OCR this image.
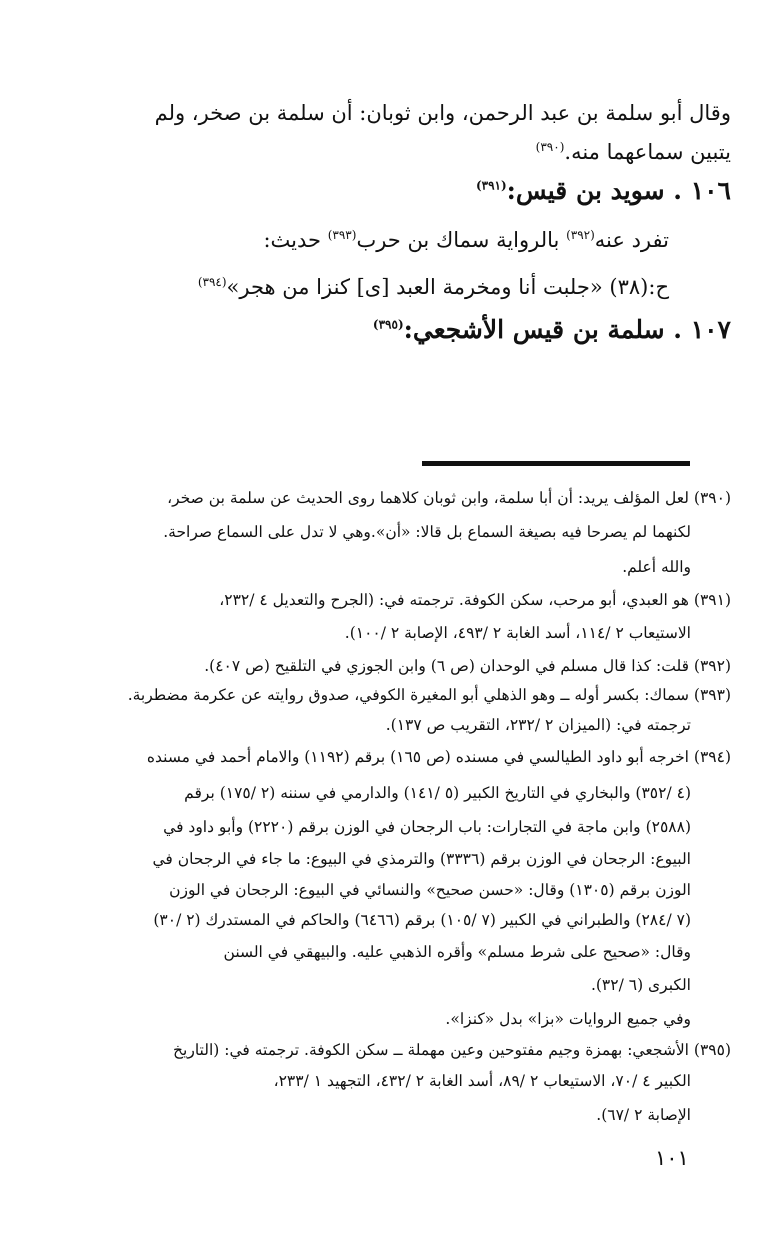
وقال أبو سلمة بن عبد الرحمن، وابن ثوبان: أن سلمة بن صخر، ولم
يتبين سماعهما منه.$^{(٣٩٠)}$
١٠٦ . سويد بن قيس:$^{(٣٩١)}$
تفرد عنه$^{(٣٩٢)}$ بالرواية سماك بن حرب$^{(٣٩٣)}$ حديث:
ح:(٣٨) «جلبت أنا ومخرمة العبد [ى] كنزا من هجر»$^{(٣٩٤)}$
١٠٧ . سلمة بن قيس الأشجعي:$^{(٣٩٥)}$
(٣٩٠) لعل المؤلف يريد: أن أبا سلمة، وابن ثوبان كلاهما روى الحديث عن سلمة بن صخر،
لكنهما لم يصرحا فيه بصيغة السماع بل قالا: «أن».وهي لا تدل على السماع صراحة.
والله أعلم.
(٣٩١) هو العبدي، أبو مرحب، سكن الكوفة. ترجمته في: (الجرح والتعديل ٤ /٢٣٢،
الاستيعاب ٢ /١١٤، أسد الغابة ٢ /٤٩٣، الإصابة ٢ /١٠٠).
(٣٩٢) قلت: كذا قال مسلم في الوحدان (ص ٦) وابن الجوزي في التلقيح (ص ٤٠٧).
(٣٩٣) سماك: بكسر أوله ــ وهو الذهلي أبو المغيرة الكوفي، صدوق روايته عن عكرمة مضطربة.
ترجمته في: (الميزان ٢ /٢٣٢، التقريب ص ١٣٧).
(٣٩٤) اخرجه أبو داود الطيالسي في مسنده (ص ١٦٥) برقم (١١٩٢) والامام أحمد في مسنده
(٤ /٣٥٢) والبخاري في التاريخ الكبير (٥ /١٤١) والدارمي في سننه (٢ /١٧٥) برقم
(٢٥٨٨) وابن ماجة في التجارات: باب الرجحان في الوزن برقم (٢٢٢٠) وأبو داود في
البيوع: الرجحان في الوزن برقم (٣٣٣٦) والترمذي في البيوع: ما جاء في الرجحان في
الوزن برقم (١٣٠٥) وقال: «حسن صحيح» والنسائي في البيوع: الرجحان في الوزن
(٧ /٢٨٤) والطبراني في الكبير (٧ /١٠٥) برقم (٦٤٦٦) والحاكم في المستدرك (٢ /٣٠)
وقال: «صحيح على شرط مسلم» وأقره الذهبي عليه. والبيهقي في السنن
الكبرى (٦ /٣٢).
وفي جميع الروايات «بزا» بدل «كنزا».
(٣٩٥) الأشجعي: بهمزة وجيم مفتوحين وعين مهملة ــ سكن الكوفة. ترجمته في: (التاريخ
الكبير ٤ /٧٠، الاستيعاب ٢ /٨٩، أسد الغابة ٢ /٤٣٢، التجهيد ١ /٢٣٣،
الإصابة ٢ /٦٧).
١٠١
